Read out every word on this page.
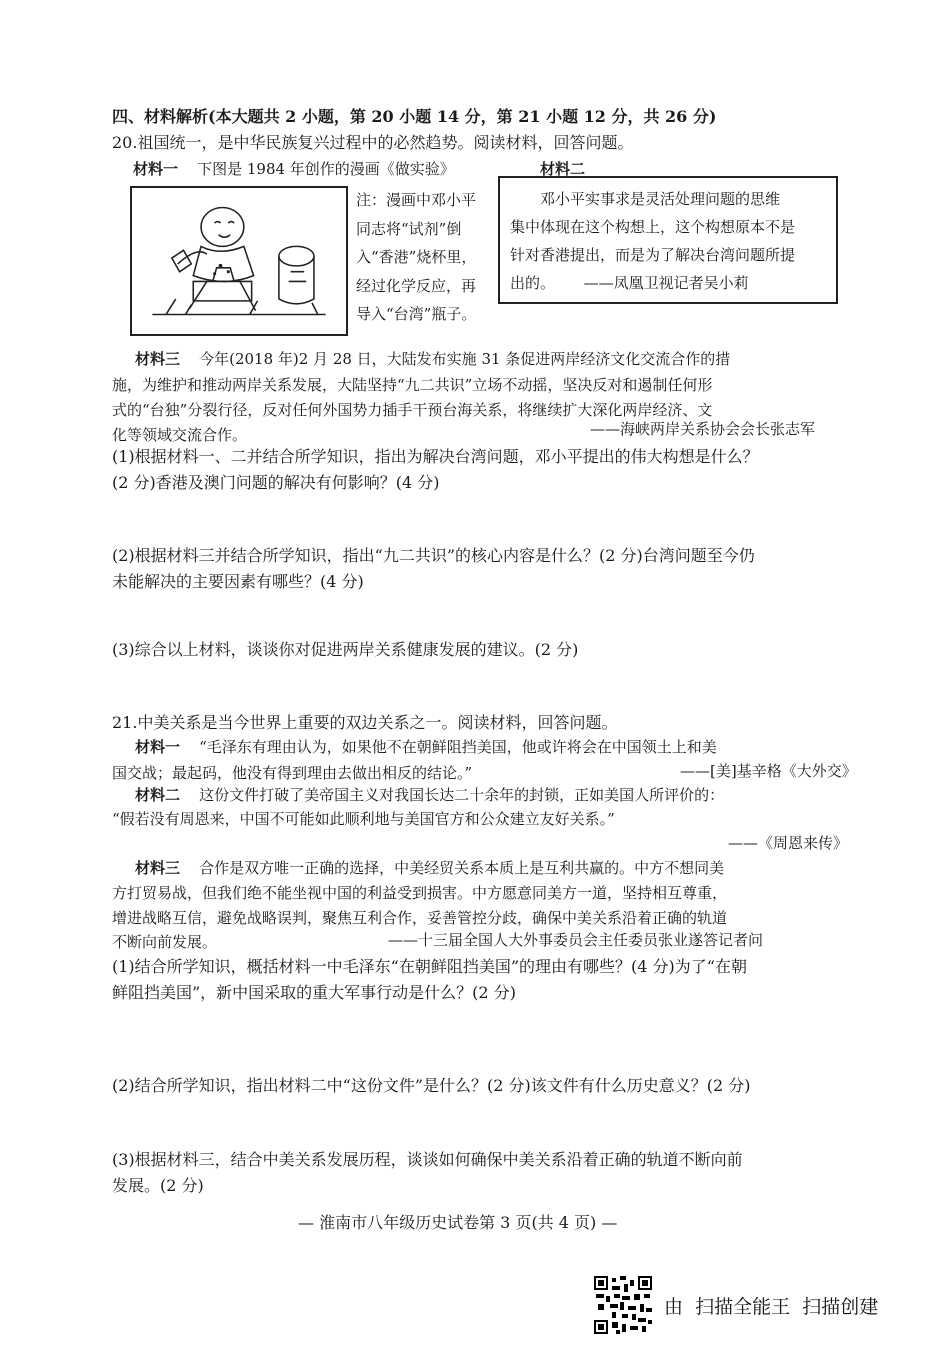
四、材料解析(本大题共 2 小题，第 20 小题 14 分，第 21 小题 12 分，共 26 分)
20.祖国统一，是中华民族复兴过程中的必然趋势。阅读材料，回答问题。
材料一 下图是 1984 年创作的漫画《做实验》	材料二
注：漫画中邓小平
同志将“试剂”倒
入“香港”烧杯里，
经过化学反应，再
导入“台湾”瓶子。
邓小平实事求是灵活处理问题的思维
集中体现在这个构想上，这个构想原本不是
针对香港提出，而是为了解决台湾问题所提
出的。      ——凤凰卫视记者吴小莉
材料三 今年(2018 年)2 月 28 日，大陆发布实施 31 条促进两岸经济文化交流合作的措
施，为维护和推动两岸关系发展，大陆坚持“九二共识”立场不动摇，坚决反对和遏制任何形
式的“台独”分裂行径，反对任何外国势力插手干预台海关系，将继续扩大深化两岸经济、文
化等领域交流合作。	——海峡两岸关系协会会长张志军
(1)根据材料一、二并结合所学知识，指出为解决台湾问题，邓小平提出的伟大构想是什么？
(2 分)香港及澳门问题的解决有何影响？(4 分)
(2)根据材料三并结合所学知识，指出“九二共识”的核心内容是什么？(2 分)台湾问题至今仍
未能解决的主要因素有哪些？(4 分)
(3)综合以上材料，谈谈你对促进两岸关系健康发展的建议。(2 分)
21.中美关系是当今世界上重要的双边关系之一。阅读材料，回答问题。
材料一 “毛泽东有理由认为，如果他不在朝鲜阻挡美国，他或许将会在中国领土上和美
国交战；最起码，他没有得到理由去做出相反的结论。”	——[美]基辛格《大外交》
材料二 这份文件打破了美帝国主义对我国长达二十余年的封锁，正如美国人所评价的：
“假若没有周恩来，中国不可能如此顺利地与美国官方和公众建立友好关系。”
——《周恩来传》
材料三 合作是双方唯一正确的选择，中美经贸关系本质上是互利共赢的。中方不想同美
方打贸易战，但我们绝不能坐视中国的利益受到损害。中方愿意同美方一道，坚持相互尊重，
增进战略互信，避免战略误判，聚焦互利合作，妥善管控分歧，确保中美关系沿着正确的轨道
不断向前发展。	——十三届全国人大外事委员会主任委员张业遂答记者问
(1)结合所学知识，概括材料一中毛泽东“在朝鲜阻挡美国”的理由有哪些？(4 分)为了“在朝
鲜阻挡美国”，新中国采取的重大军事行动是什么？(2 分)
(2)结合所学知识，指出材料二中“这份文件”是什么？(2 分)该文件有什么历史意义？(2 分)
(3)根据材料三，结合中美关系发展历程，谈谈如何确保中美关系沿着正确的轨道不断向前
发展。(2 分)
— 淮南市八年级历史试卷第 3 页(共 4 页) —
由 扫描全能王 扫描创建
